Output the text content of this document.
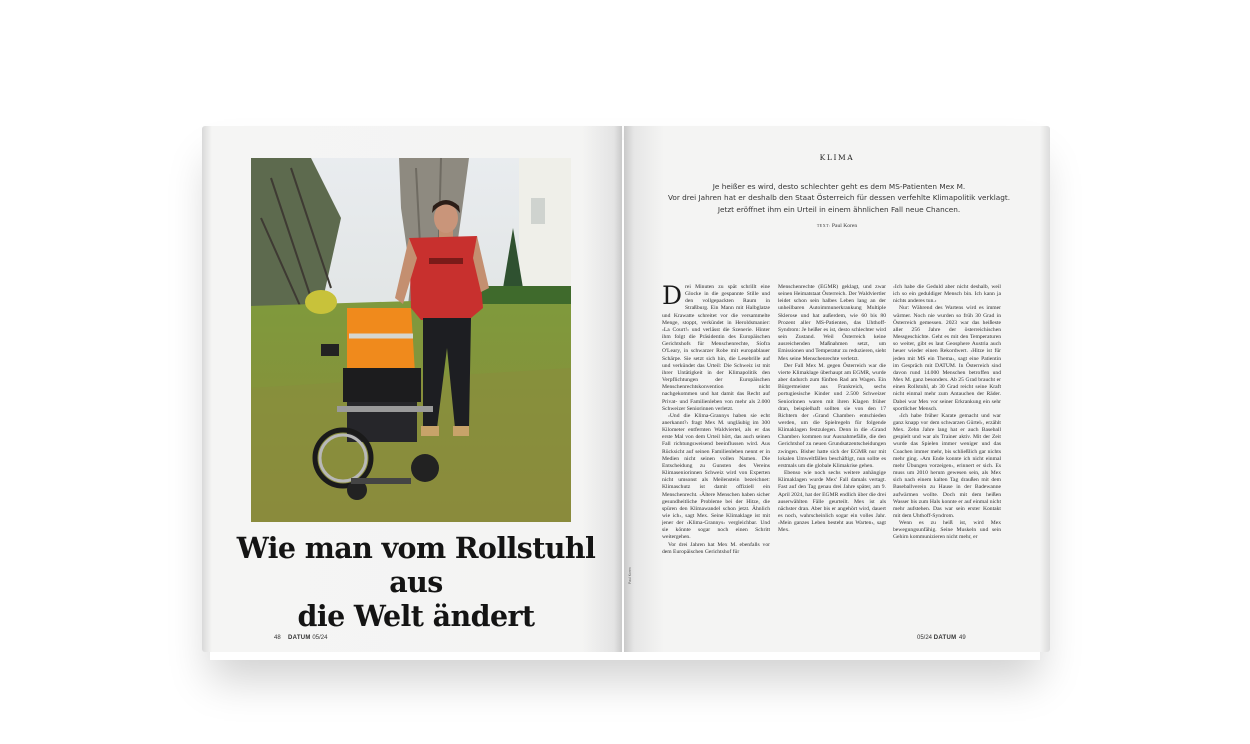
Wie man vom Rollstuhl aus
die Welt ändert
48 DATUM 05/24
KLIMA
Je heißer es wird, desto schlechter geht es dem MS-Patienten Mex M.
Vor drei Jahren hat er deshalb den Staat Österreich für dessen verfehlte Klimapolitik verklagt.
Jetzt eröffnet ihm ein Urteil in einem ähnlichen Fall neue Chancen.
TEXT: Paul Koren
Paul Koren
05/24 DATUM 49

Drei Minuten zu spät schrillt eine Glocke in die gespannte Stille und den vollgepackten Raum in Straßburg. Ein Mann mit Halbglatze und Krawatte schreitet vor die versammelte Menge, stoppt, verkündet in Heroldsmanier: ›La Court!‹ und verlässt die Szenerie. Hinter ihm folgt die Präsidentin des Europäischen Gerichtshofs für Menschenrechte, Síofra O'Leary, in schwarzer Robe mit europablauer Schärpe. Sie setzt sich hin, die Lesebrille auf und verkündet das Urteil: Die Schweiz ist mit ihrer Untätigkeit in der Klimapolitik den Verpflichtungen der Europäischen Menschenrechtskonvention nicht nachgekommen und hat damit das Recht auf Privat- und Familienleben von mehr als 2.000 Schweizer Seniorinnen verletzt.

›Und die Klima-Grannys haben sie echt anerkannt?‹ fragt Mex M. ungläubig im 300 Kilometer entfernten Waldviertel, als er das erste Mal von dem Urteil hört, das auch seinen Fall richtungsweisend beeinflussen wird. Aus Rücksicht auf seinen Familienleben nennt er in Medien nicht seinen vollen Namen. Die Entscheidung zu Gunsten des Vereins Klimaseniorinnen Schweiz wird von Experten nicht umsonst als Meilenstein bezeichnet: Klimaschutz ist damit offiziell ein Menschenrecht. ›Ältere Menschen haben sicher gesundheitliche Probleme bei der Hitze, die spüren den Klimawandel schon jetzt. Ähnlich wie ich‹, sagt Mex. Seine Klimaklage ist mit jener der ›Klima-Grannys‹ vergleichbar. Und sie könnte sogar noch einen Schritt weitergehen.

Vor drei Jahren hat Mex M. ebenfalls vor dem Europäischen Gerichtshof für

Menschenrechte (EGMR) geklagt, und zwar seinen Heimatstaat Österreich. Der Waldviertler leidet schon sein halbes Leben lang an der unheilbaren Autoimmunerkrankung Multiple Sklerose und hat außerdem, wie 60 bis 80 Prozent aller MS-Patienten, das Uhthoff-Syndrom: Je heißer es ist, desto schlechter wird sein Zustand. Weil Österreich keine ausreichenden Maßnahmen setzt, um Emissionen und Temperatur zu reduzieren, sieht Mex seine Menschenrechte verletzt.

Der Fall Mex M. gegen Österreich war die vierte Klimaklage überhaupt am EGMR, wurde aber dadurch zum fünften Rad am Wagen. Ein Bürgermeister aus Frankreich, sechs portugiesische Kinder und 2.500 Schweizer Seniorinnen waren mit ihren Klagen früher dran, beispielhaft sollten sie von den 17 Richtern der ›Grand Chamber‹ entschieden werden, um die Spielregeln für folgende Klimaklagen festzulegen. Denn in die ›Grand Chamber‹ kommen nur Ausnahmefälle, die den Gerichtshof zu neuen Grundsatzentscheidungen zwingen. Bisher hatte sich der EGMR nur mit lokalen Umweltfällen beschäftigt, nun sollte es erstmals um die globale Klimakrise gehen.

Ebenso wie noch sechs weitere anhängige Klimaklagen wurde Mex' Fall damals vertagt. Fast auf den Tag genau drei Jahre später, am 9. April 2024, hat der EGMR endlich über die drei auserwählten Fälle geurteilt. Mex ist als nächster dran. Aber bis er angehört wird, dauert es noch, wahrscheinlich sogar ein volles Jahr. ›Mein ganzes Leben besteht aus Warten‹, sagt Mex.

›Ich habe die Geduld aber nicht deshalb, weil ich so ein geduldiger Mensch bin. Ich kann ja nichts anderes tun.‹

Nur: Während des Wartens wird es immer wärmer. Noch nie wurden so früh 30 Grad in Österreich gemessen. 2023 war das heißeste aller 256 Jahre der österreichischen Messgeschichte. Geht es mit den Temperaturen so weiter, gibt es laut Geosphere Austria auch heuer wieder einen Rekordwert. ›Hitze ist für jeden mit MS ein Thema‹, sagt eine Patientin im Gespräch mit DATUM. In Österreich sind davon rund 14.000 Menschen betroffen und Mex M. ganz besonders. Ab 25 Grad braucht er einen Rollstuhl, ab 30 Grad reicht seine Kraft nicht einmal mehr zum Antauchen der Räder. Dabei war Mex vor seiner Erkrankung ein sehr sportlicher Mensch.

›Ich habe früher Karate gemacht und war ganz knapp vor dem schwarzen Gürtel‹, erzählt Mex. Zehn Jahre lang hat er auch Baseball gespielt und war als Trainer aktiv. Mit der Zeit wurde das Spielen immer weniger und das Coachen immer mehr, bis schließlich gar nichts mehr ging. ›Am Ende konnte ich nicht einmal mehr Übungen vorzeigen‹, erinnert er sich. Es muss um 2010 herum gewesen sein, als Mex sich nach einem kalten Tag draußen mit dem Baseballverein zu Hause in der Badewanne aufwärmen wollte. Doch mit dem heißen Wasser bis zum Hals konnte er auf einmal nicht mehr aufstehen. Das war sein erster Kontakt mit dem Uhthoff-Syndrom.

Wenn es zu heiß ist, wird Mex bewegungsunfähig. Seine Muskeln und sein Gehirn kommunizieren nicht mehr, er
